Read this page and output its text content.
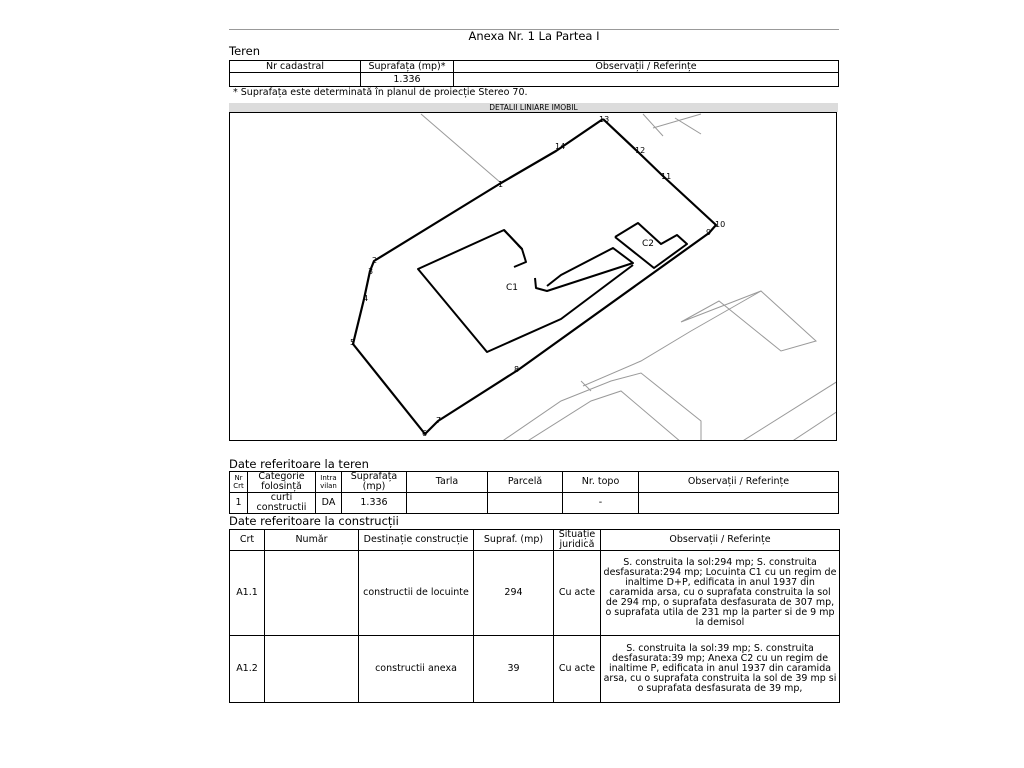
Anexa Nr. 1 La Partea I
Teren
Nr cadastral	Suprafața (mp)*	Observații / Referințe
	1.336	
* Suprafața este determinată în planul de proiecție Stereo 70.
DETALII LINIARE IMOBIL
1
2
3
4
5
6
7
8
9
10
11
12
13
14
C1
C2
Date referitoare la teren
Nr Crt	Categorie folosință	Intra vilan	Suprafața (mp)	Tarla	Parcelă	Nr. topo	Observații / Referințe
1	curti constructii	DA	1.336			-	
Date referitoare la construcții
Crt	Număr	Destinație construcție	Supraf. (mp)	Situație juridică	Observații / Referințe
A1.1		constructii de locuinte	294	Cu acte	S. construita la sol:294 mp; S. construita desfasurata:294 mp; Locuinta C1 cu un regim de inaltime D+P, edificata in anul 1937 din caramida arsa, cu o suprafata construita la sol de 294 mp, o suprafata desfasurata de 307 mp, o suprafata utila de 231 mp la parter si de 9 mp la demisol
A1.2		constructii anexa	39	Cu acte	S. construita la sol:39 mp; S. construita desfasurata:39 mp; Anexa C2 cu un regim de inaltime P, edificata in anul 1937 din caramida arsa, cu o suprafata construita la sol de 39 mp si o suprafata desfasurata de 39 mp,
